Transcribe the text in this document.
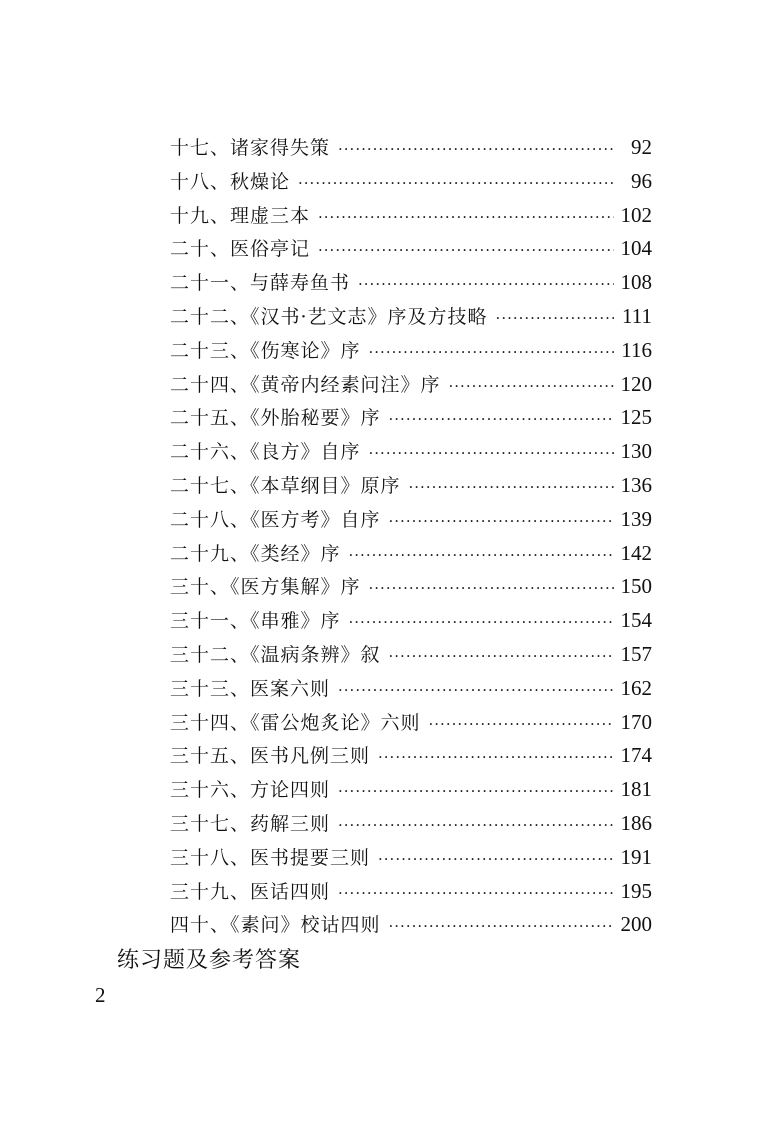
十七、诸家得失策 ·····	92
十八、秋燥论 ·····	96
十九、理虚三本 ·····	102
二十、医俗亭记 ·····	104
二十一、与薛寿鱼书 ·····	108
二十二、《汉书·艺文志》序及方技略 ·····	111
二十三、《伤寒论》序 ·····	116
二十四、《黄帝内经素问注》序 ·····	120
二十五、《外胎秘要》序 ·····	125
二十六、《良方》自序 ·····	130
二十七、《本草纲目》原序 ·····	136
二十八、《医方考》自序 ·····	139
二十九、《类经》序 ·····	142
三十、《医方集解》序 ·····	150
三十一、《串雅》序 ·····	154
三十二、《温病条辨》叙 ·····	157
三十三、医案六则 ·····	162
三十四、《雷公炮炙论》六则 ·····	170
三十五、医书凡例三则 ·····	174
三十六、方论四则 ·····	181
三十七、药解三则 ·····	186
三十八、医书提要三则 ·····	191
三十九、医话四则 ·····	195
四十、《素问》校诂四则 ·····	200
练习题及参考答案
2
